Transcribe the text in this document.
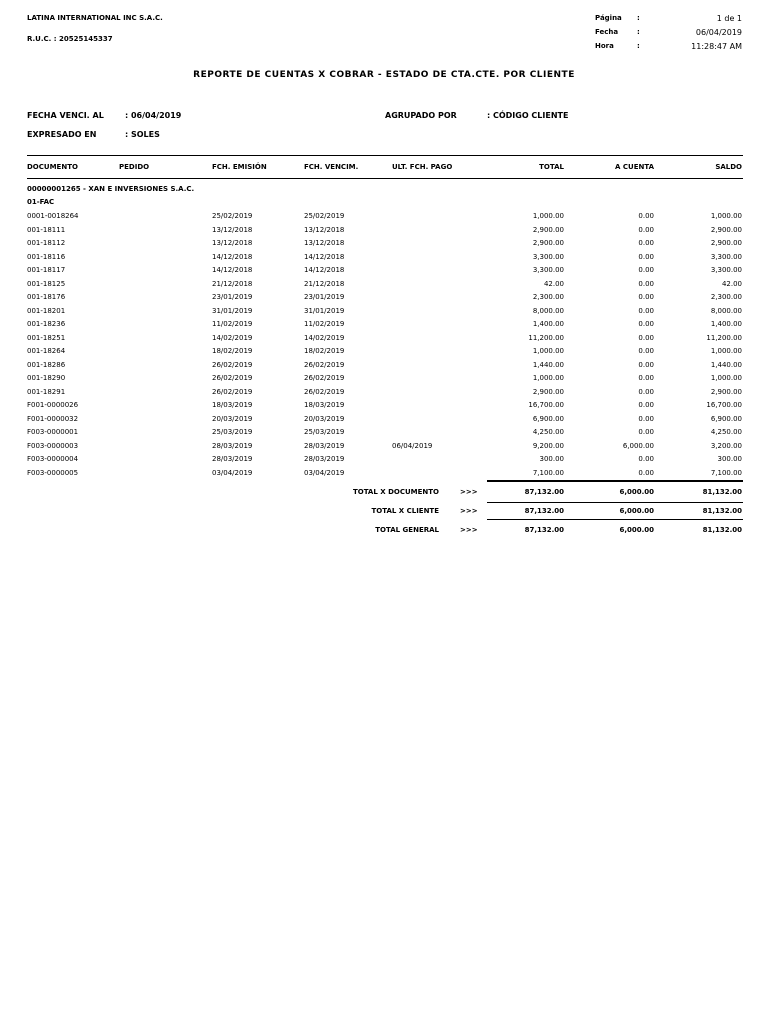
LATINA INTERNATIONAL INC S.A.C.
R.U.C. : 20525145337
Página :	1 de 1
Fecha	:	06/04/2019
Hora	:	11:28:47 AM
REPORTE DE CUENTAS X COBRAR - ESTADO DE CTA.CTE. POR CLIENTE
FECHA VENCI. AL	: 06/04/2019
EXPRESADO EN	: SOLES
AGRUPADO POR	: CÓDIGO CLIENTE
DOCUMENTO	PEDIDO	FCH. EMISIÓN	FCH. VENCIM.	ULT. FCH. PAGO	TOTAL	A CUENTA	SALDO
00000001265 - XAN E INVERSIONES S.A.C.
01-FAC
0001-0018264	25/02/2019	25/02/2019	1,000.00	0.00	1,000.00
001-18111	13/12/2018	13/12/2018	2,900.00	0.00	2,900.00
001-18112	13/12/2018	13/12/2018	2,900.00	0.00	2,900.00
001-18116	14/12/2018	14/12/2018	3,300.00	0.00	3,300.00
001-18117	14/12/2018	14/12/2018	3,300.00	0.00	3,300.00
001-18125	21/12/2018	21/12/2018	42.00	0.00	42.00
001-18176	23/01/2019	23/01/2019	2,300.00	0.00	2,300.00
001-18201	31/01/2019	31/01/2019	8,000.00	0.00	8,000.00
001-18236	11/02/2019	11/02/2019	1,400.00	0.00	1,400.00
001-18251	14/02/2019	14/02/2019	11,200.00	0.00	11,200.00
001-18264	18/02/2019	18/02/2019	1,000.00	0.00	1,000.00
001-18286	26/02/2019	26/02/2019	1,440.00	0.00	1,440.00
001-18290	26/02/2019	26/02/2019	1,000.00	0.00	1,000.00
001-18291	26/02/2019	26/02/2019	2,900.00	0.00	2,900.00
F001-0000026	18/03/2019	18/03/2019	16,700.00	0.00	16,700.00
F001-0000032	20/03/2019	20/03/2019	6,900.00	0.00	6,900.00
F003-0000001	25/03/2019	25/03/2019	4,250.00	0.00	4,250.00
F003-0000003	28/03/2019	28/03/2019	06/04/2019	9,200.00	6,000.00	3,200.00
F003-0000004	28/03/2019	28/03/2019	300.00	0.00	300.00
F003-0000005	03/04/2019	03/04/2019	7,100.00	0.00	7,100.00
TOTAL X DOCUMENTO	>>>	87,132.00	6,000.00	81,132.00
TOTAL X CLIENTE	>>>	87,132.00	6,000.00	81,132.00
TOTAL GENERAL	>>>	87,132.00	6,000.00	81,132.00
